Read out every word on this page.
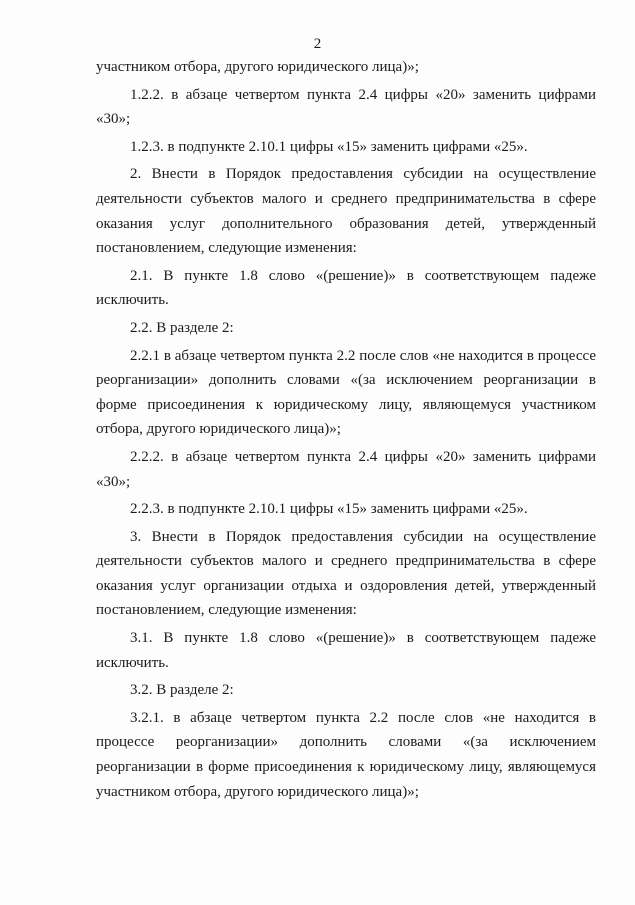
2

участником отбора, другого юридического лица)»;

1.2.2. в абзаце четвертом пункта 2.4 цифры «20» заменить цифрами «30»;

1.2.3. в подпункте 2.10.1 цифры «15» заменить цифрами «25».

2. Внести в Порядок предоставления субсидии на осуществление деятельности субъектов малого и среднего предпринимательства в сфере оказания услуг дополнительного образования детей, утвержденный постановлением, следующие изменения:

2.1. В пункте 1.8 слово «(решение)» в соответствующем падеже исключить.

2.2. В разделе 2:

2.2.1 в абзаце четвертом пункта 2.2 после слов «не находится в процессе реорганизации» дополнить словами «(за исключением реорганизации в форме присоединения к юридическому лицу, являющемуся участником отбора, другого юридического лица)»;

2.2.2. в абзаце четвертом пункта 2.4 цифры «20» заменить цифрами «30»;

2.2.3. в подпункте 2.10.1 цифры «15» заменить цифрами «25».

3. Внести в Порядок предоставления субсидии на осуществление деятельности субъектов малого и среднего предпринимательства в сфере оказания услуг организации отдыха и оздоровления детей, утвержденный постановлением, следующие изменения:

3.1. В пункте 1.8 слово «(решение)» в соответствующем падеже исключить.

3.2. В разделе 2:

3.2.1. в абзаце четвертом пункта 2.2 после слов «не находится в процессе реорганизации» дополнить словами «(за исключением реорганизации в форме присоединения к юридическому лицу, являющемуся участником отбора, другого юридического лица)»;
